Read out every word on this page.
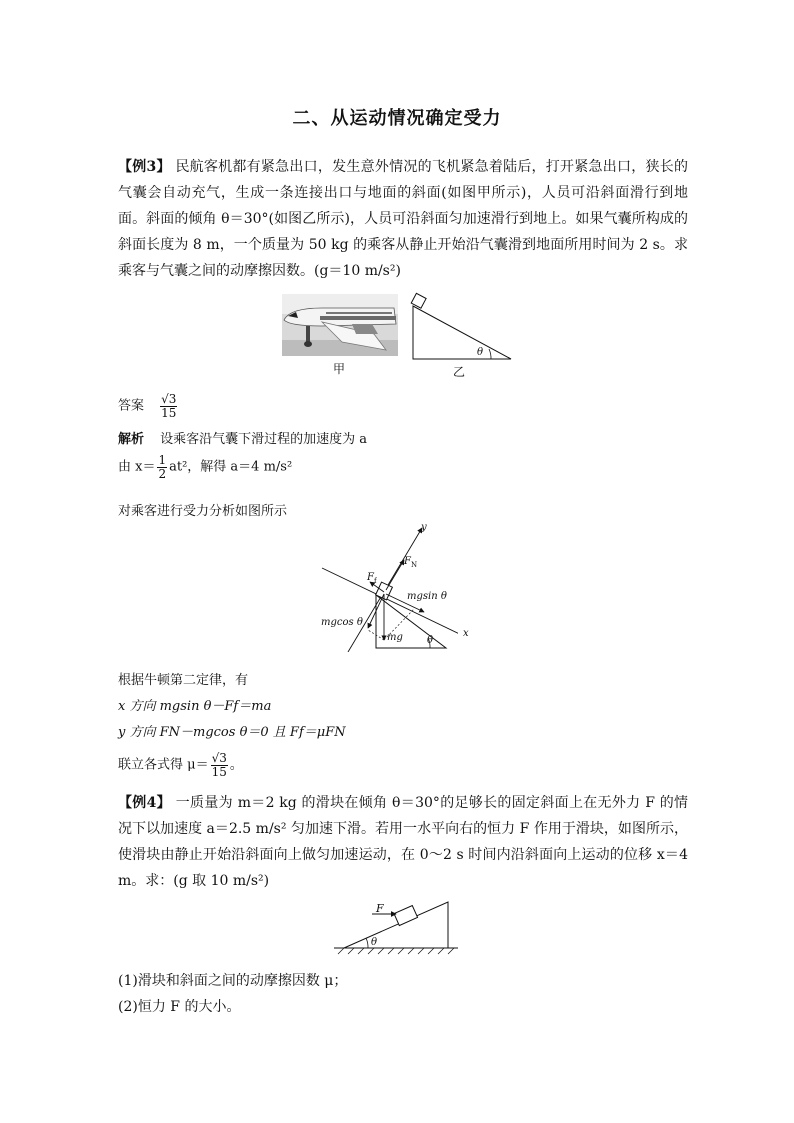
二、从运动情况确定受力

【例3】 民航客机都有紧急出口，发生意外情况的飞机紧急着陆后，打开紧急出口，狭长的气囊会自动充气，生成一条连接出口与地面的斜面(如图甲所示)，人员可沿斜面滑行到地面。斜面的倾角 θ＝30°(如图乙所示)，人员可沿斜面匀加速滑行到地上。如果气囊所构成的斜面长度为 8 m，一个质量为 50 kg 的乘客从静止开始沿气囊滑到地面所用时间为 2 s。求乘客与气囊之间的动摩擦因数。(g＝10 m/s²)

甲
θ
乙
答案 $\frac{√3}{15}$
解析 设乘客沿气囊下滑过程的加速度为 a
由 $x= \frac{1}{2} at^2$，解得 a＝4 m/s²
对乘客进行受力分析如图所示
y
$F_N$
$F_f$
mgsin θ
mgcos θ
mg	x
θ
根据牛顿第二定律，有
x 方向 mgsin θ－Ff＝ma
y 方向 FN－mgcos θ＝0 且 Ff＝μFN
联立各式得 $\mu= \frac{√3}{15}$ 。

【例4】 一质量为 m＝2 kg 的滑块在倾角 θ＝30°的足够长的固定斜面上在无外力 F 的情况下以加速度 a＝2.5 m/s² 匀加速下滑。若用一水平向右的恒力 F 作用于滑块，如图所示，使滑块由静止开始沿斜面向上做匀加速运动，在 0～2 s 时间内沿斜面向上运动的位移 x＝4 m。求：(g 取 10 m/s²)

F
θ
(1)滑块和斜面之间的动摩擦因数 μ；
(2)恒力 F 的大小。
